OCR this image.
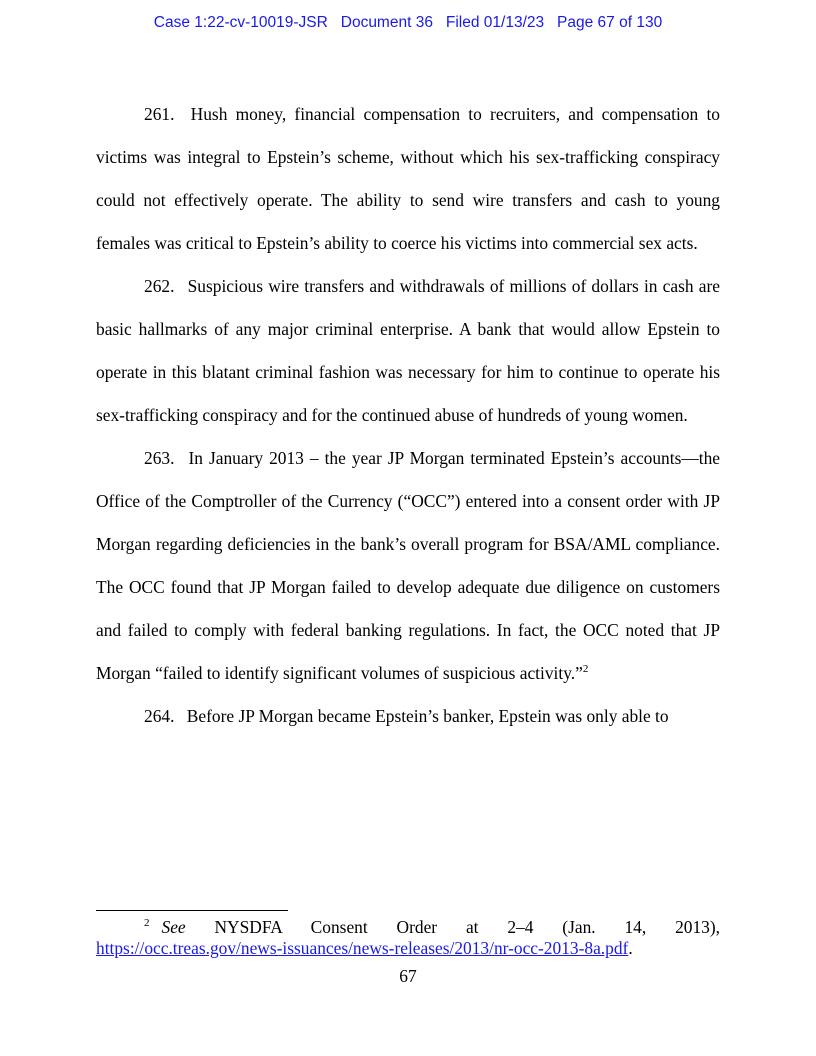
Case 1:22-cv-10019-JSR Document 36 Filed 01/13/23 Page 67 of 130

261. Hush money, financial compensation to recruiters, and compensation to victims was integral to Epstein’s scheme, without which his sex-trafficking conspiracy could not effectively operate. The ability to send wire transfers and cash to young females was critical to Epstein’s ability to coerce his victims into commercial sex acts.

262. Suspicious wire transfers and withdrawals of millions of dollars in cash are basic hallmarks of any major criminal enterprise. A bank that would allow Epstein to operate in this blatant criminal fashion was necessary for him to continue to operate his sex-trafficking conspiracy and for the continued abuse of hundreds of young women.

263. In January 2013 – the year JP Morgan terminated Epstein’s accounts—the Office of the Comptroller of the Currency (“OCC”) entered into a consent order with JP Morgan regarding deficiencies in the bank’s overall program for BSA/AML compliance. The OCC found that JP Morgan failed to develop adequate due diligence on customers and failed to comply with federal banking regulations. In fact, the OCC noted that JP Morgan “failed to identify significant volumes of suspicious activity.”$^2$

264. Before JP Morgan became Epstein’s banker, Epstein was only able to

$^2$ See NYSDFA Consent Order at 2–4 (Jan. 14, 2013),
https://occ.treas.gov/news-issuances/news-releases/2013/nr-occ-2013-8a.pdf.
67
